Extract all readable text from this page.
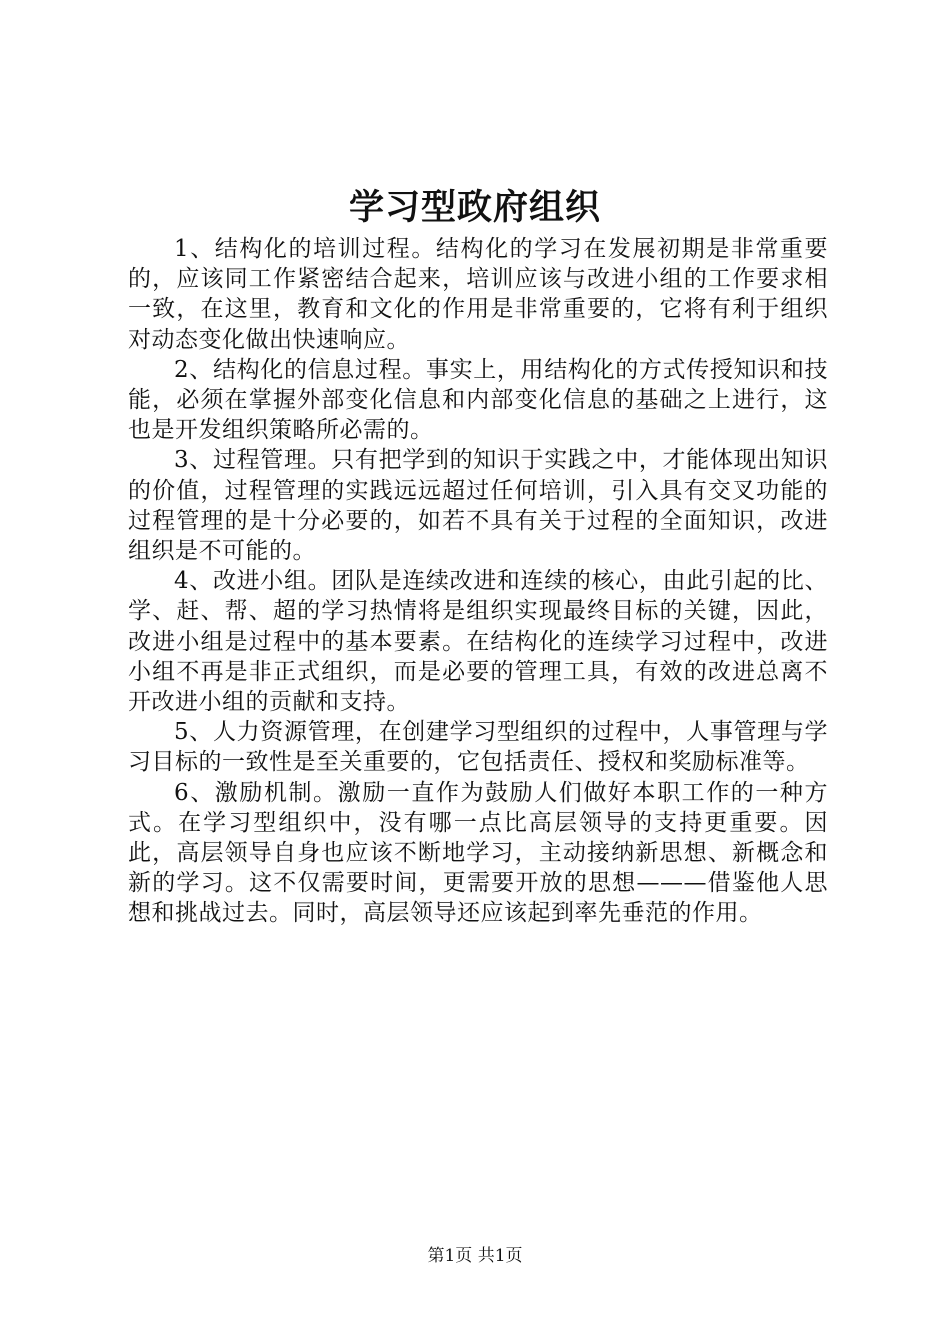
学习型政府组织

1、结构化的培训过程。结构化的学习在发展初期是非常重要的，应该同工作紧密结合起来，培训应该与改进小组的工作要求相一致，在这里，教育和文化的作用是非常重要的，它将有利于组织对动态变化做出快速响应。

2、结构化的信息过程。事实上，用结构化的方式传授知识和技能，必须在掌握外部变化信息和内部变化信息的基础之上进行，这也是开发组织策略所必需的。

3、过程管理。只有把学到的知识于实践之中，才能体现出知识的价值，过程管理的实践远远超过任何培训，引入具有交叉功能的过程管理的是十分必要的，如若不具有关于过程的全面知识，改进组织是不可能的。

4、改进小组。团队是连续改进和连续的核心，由此引起的比、学、赶、帮、超的学习热情将是组织实现最终目标的关键，因此，改进小组是过程中的基本要素。在结构化的连续学习过程中，改进小组不再是非正式组织，而是必要的管理工具，有效的改进总离不开改进小组的贡献和支持。

5、人力资源管理，在创建学习型组织的过程中，人事管理与学习目标的一致性是至关重要的，它包括责任、授权和奖励标准等。

6、激励机制。激励一直作为鼓励人们做好本职工作的一种方式。在学习型组织中，没有哪一点比高层领导的支持更重要。因此，高层领导自身也应该不断地学习，主动接纳新思想、新概念和新的学习。这不仅需要时间，更需要开放的思想———借鉴他人思想和挑战过去。同时，高层领导还应该起到率先垂范的作用。

第1页 共1页
